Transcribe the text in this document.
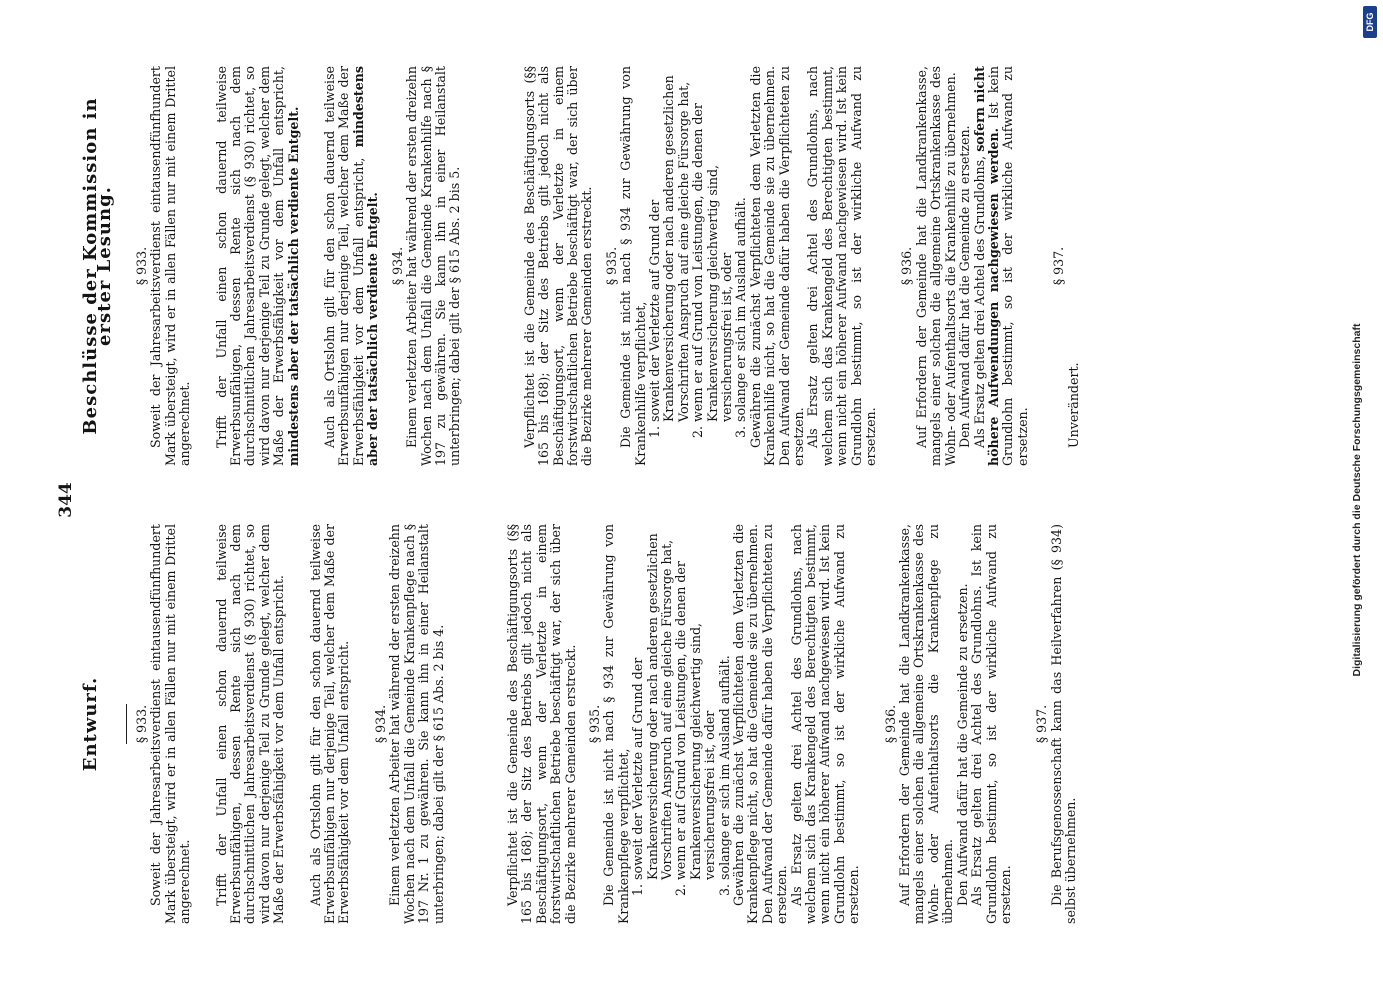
344
Entwurf.	§ 933. Soweit der Jahresarbeitsverdienst eintausendfünfhundert Mark übersteigt, wird er in allen Fällen nur mit einem Drittel angerechnet. Trifft der Unfall einen schon dauernd teilweise Erwerbsunfähigen, dessen Rente sich nach dem durchschnittlichen Jahresarbeitsverdienst (§ 930) richtet, so wird davon nur derjenige Teil zu Grunde gelegt, welcher dem Maße der Erwerbsfähigkeit vor dem Unfall entspricht. Auch als Ortslohn gilt für den schon dauernd teilweise Erwerbsunfähigen nur derjenige Teil, welcher dem Maße der Erwerbsfähigkeit vor dem Unfall entspricht. § 934. Einem verletzten Arbeiter hat während der ersten dreizehn Wochen nach dem Unfall die Gemeinde Krankenpflege nach § 197 Nr. 1 zu gewähren. Sie kann ihn in einer Heilanstalt unterbringen; dabei gilt der § 615 Abs. 2 bis 4.	Verpflichtet ist die Gemeinde des Beschäftigungsorts (§§ 165 bis 168); der Sitz des Betriebs gilt jedoch nicht als Beschäftigungsort, wenn der Verletzte in einem forstwirtschaftlichen Betriebe beschäftigt war, der sich über die Bezirke mehrerer Gemeinden erstreckt. § 935. Die Gemeinde ist nicht nach § 934 zur Gewährung von Krankenpflege verpflichtet, 1. soweit der Verletzte auf Grund der Krankenversicherung oder nach anderen gesetzlichen Vorschriften Anspruch auf eine gleiche Fürsorge hat, 2. wenn er auf Grund von Leistungen, die denen der Krankenversicherung gleichwertig sind, versicherungsfrei ist, oder 3. solange er sich im Ausland aufhält. Gewähren die zunächst Verpflichteten dem Verletzten die Krankenpflege nicht, so hat die Gemeinde sie zu übernehmen. Den Aufwand der Gemeinde dafür haben die Verpflichteten zu ersetzen. Als Ersatz gelten drei Achtel des Grundlohns, nach welchem sich das Krankengeld des Berechtigten bestimmt, wenn nicht ein höherer Aufwand nachgewiesen wird. Ist kein Grundlohn bestimmt, so ist der wirkliche Aufwand zu ersetzen.

§ 936. Auf Erfordern der Gemeinde hat die Landkrankenkasse, mangels einer solchen die allgemeine Ortskrankenkasse des Wohn- oder Aufenthaltsorts die Krankenpflege zu übernehmen. Den Aufwand dafür hat die Gemeinde zu ersetzen. Als Ersatz gelten drei Achtel des Grundlohns. Ist kein Grundlohn bestimmt, so ist der wirkliche Aufwand zu ersetzen.

§ 937. Die Berufsgenossenschaft kann das Heilverfahren (§ 934) selbst übernehmen.

Beschlüsse der Kommission in erster Lesung.	§ 933. Soweit der Jahresarbeitsverdienst eintausendfünfhundert Mark übersteigt, wird er in allen Fällen nur mit einem Drittel angerechnet. Trifft der Unfall einen schon dauernd teilweise Erwerbsunfähigen, dessen Rente sich nach dem durchschnittlichen Jahresarbeitsverdienst (§ 930) richtet, so wird davon nur derjenige Teil zu Grunde gelegt, welcher dem Maße der Erwerbsfähigkeit vor dem Unfall entspricht, mindestens aber der tatsächlich verdiente Entgelt. Auch als Ortslohn gilt für den schon dauernd teilweise Erwerbsunfähigen nur derjenige Teil, welcher dem Maße der Erwerbsfähigkeit vor dem Unfall entspricht, mindestens aber der tatsächlich verdiente Entgelt. § 934. Einem verletzten Arbeiter hat während der ersten dreizehn Wochen nach dem Unfall die Gemeinde Krankenhilfe nach § 197 zu gewähren. Sie kann ihn in einer Heilanstalt unterbringen; dabei gilt der § 615 Abs. 2 bis 5.	Verpflichtet ist die Gemeinde des Beschäftigungsorts (§§ 165 bis 168); der Sitz des Betriebs gilt jedoch nicht als Beschäftigungsort, wenn der Verletzte in einem forstwirtschaftlichen Betriebe beschäftigt war, der sich über die Bezirke mehrerer Gemeinden erstreckt. § 935. Die Gemeinde ist nicht nach § 934 zur Gewährung von Krankenhilfe verpflichtet, 1. soweit der Verletzte auf Grund der Krankenversicherung oder nach anderen gesetzlichen Vorschriften Anspruch auf eine gleiche Fürsorge hat, 2. wenn er auf Grund von Leistungen, die denen der Krankenversicherung gleichwertig sind, versicherungsfrei ist, oder 3. solange er sich im Ausland aufhält. Gewähren die zunächst Verpflichteten dem Verletzten die Krankenhilfe nicht, so hat die Gemeinde sie zu übernehmen. Den Aufwand der Gemeinde dafür haben die Verpflichteten zu ersetzen. Als Ersatz gelten drei Achtel des Grundlohns, nach welchem sich das Krankengeld des Berechtigten bestimmt, wenn nicht ein höherer Aufwand nachgewiesen wird. Ist kein Grundlohn bestimmt, so ist der wirkliche Aufwand zu ersetzen.

§ 936. Auf Erfordern der Gemeinde hat die Landkrankenkasse, mangels einer solchen die allgemeine Ortskrankenkasse des Wohn- oder Aufenthaltsorts die Krankenhilfe zu übernehmen. Den Aufwand dafür hat die Gemeinde zu ersetzen. Als Ersatz gelten drei Achtel des Grundlohns, sofern nicht höhere Aufwendungen nachgewiesen werden. Ist kein Grundlohn bestimmt, so ist der wirkliche Aufwand zu ersetzen.

§ 937.

Unverändert.	Digitalisierung gefördert durch die Deutsche Forschungsgemeinschaft
DFG
